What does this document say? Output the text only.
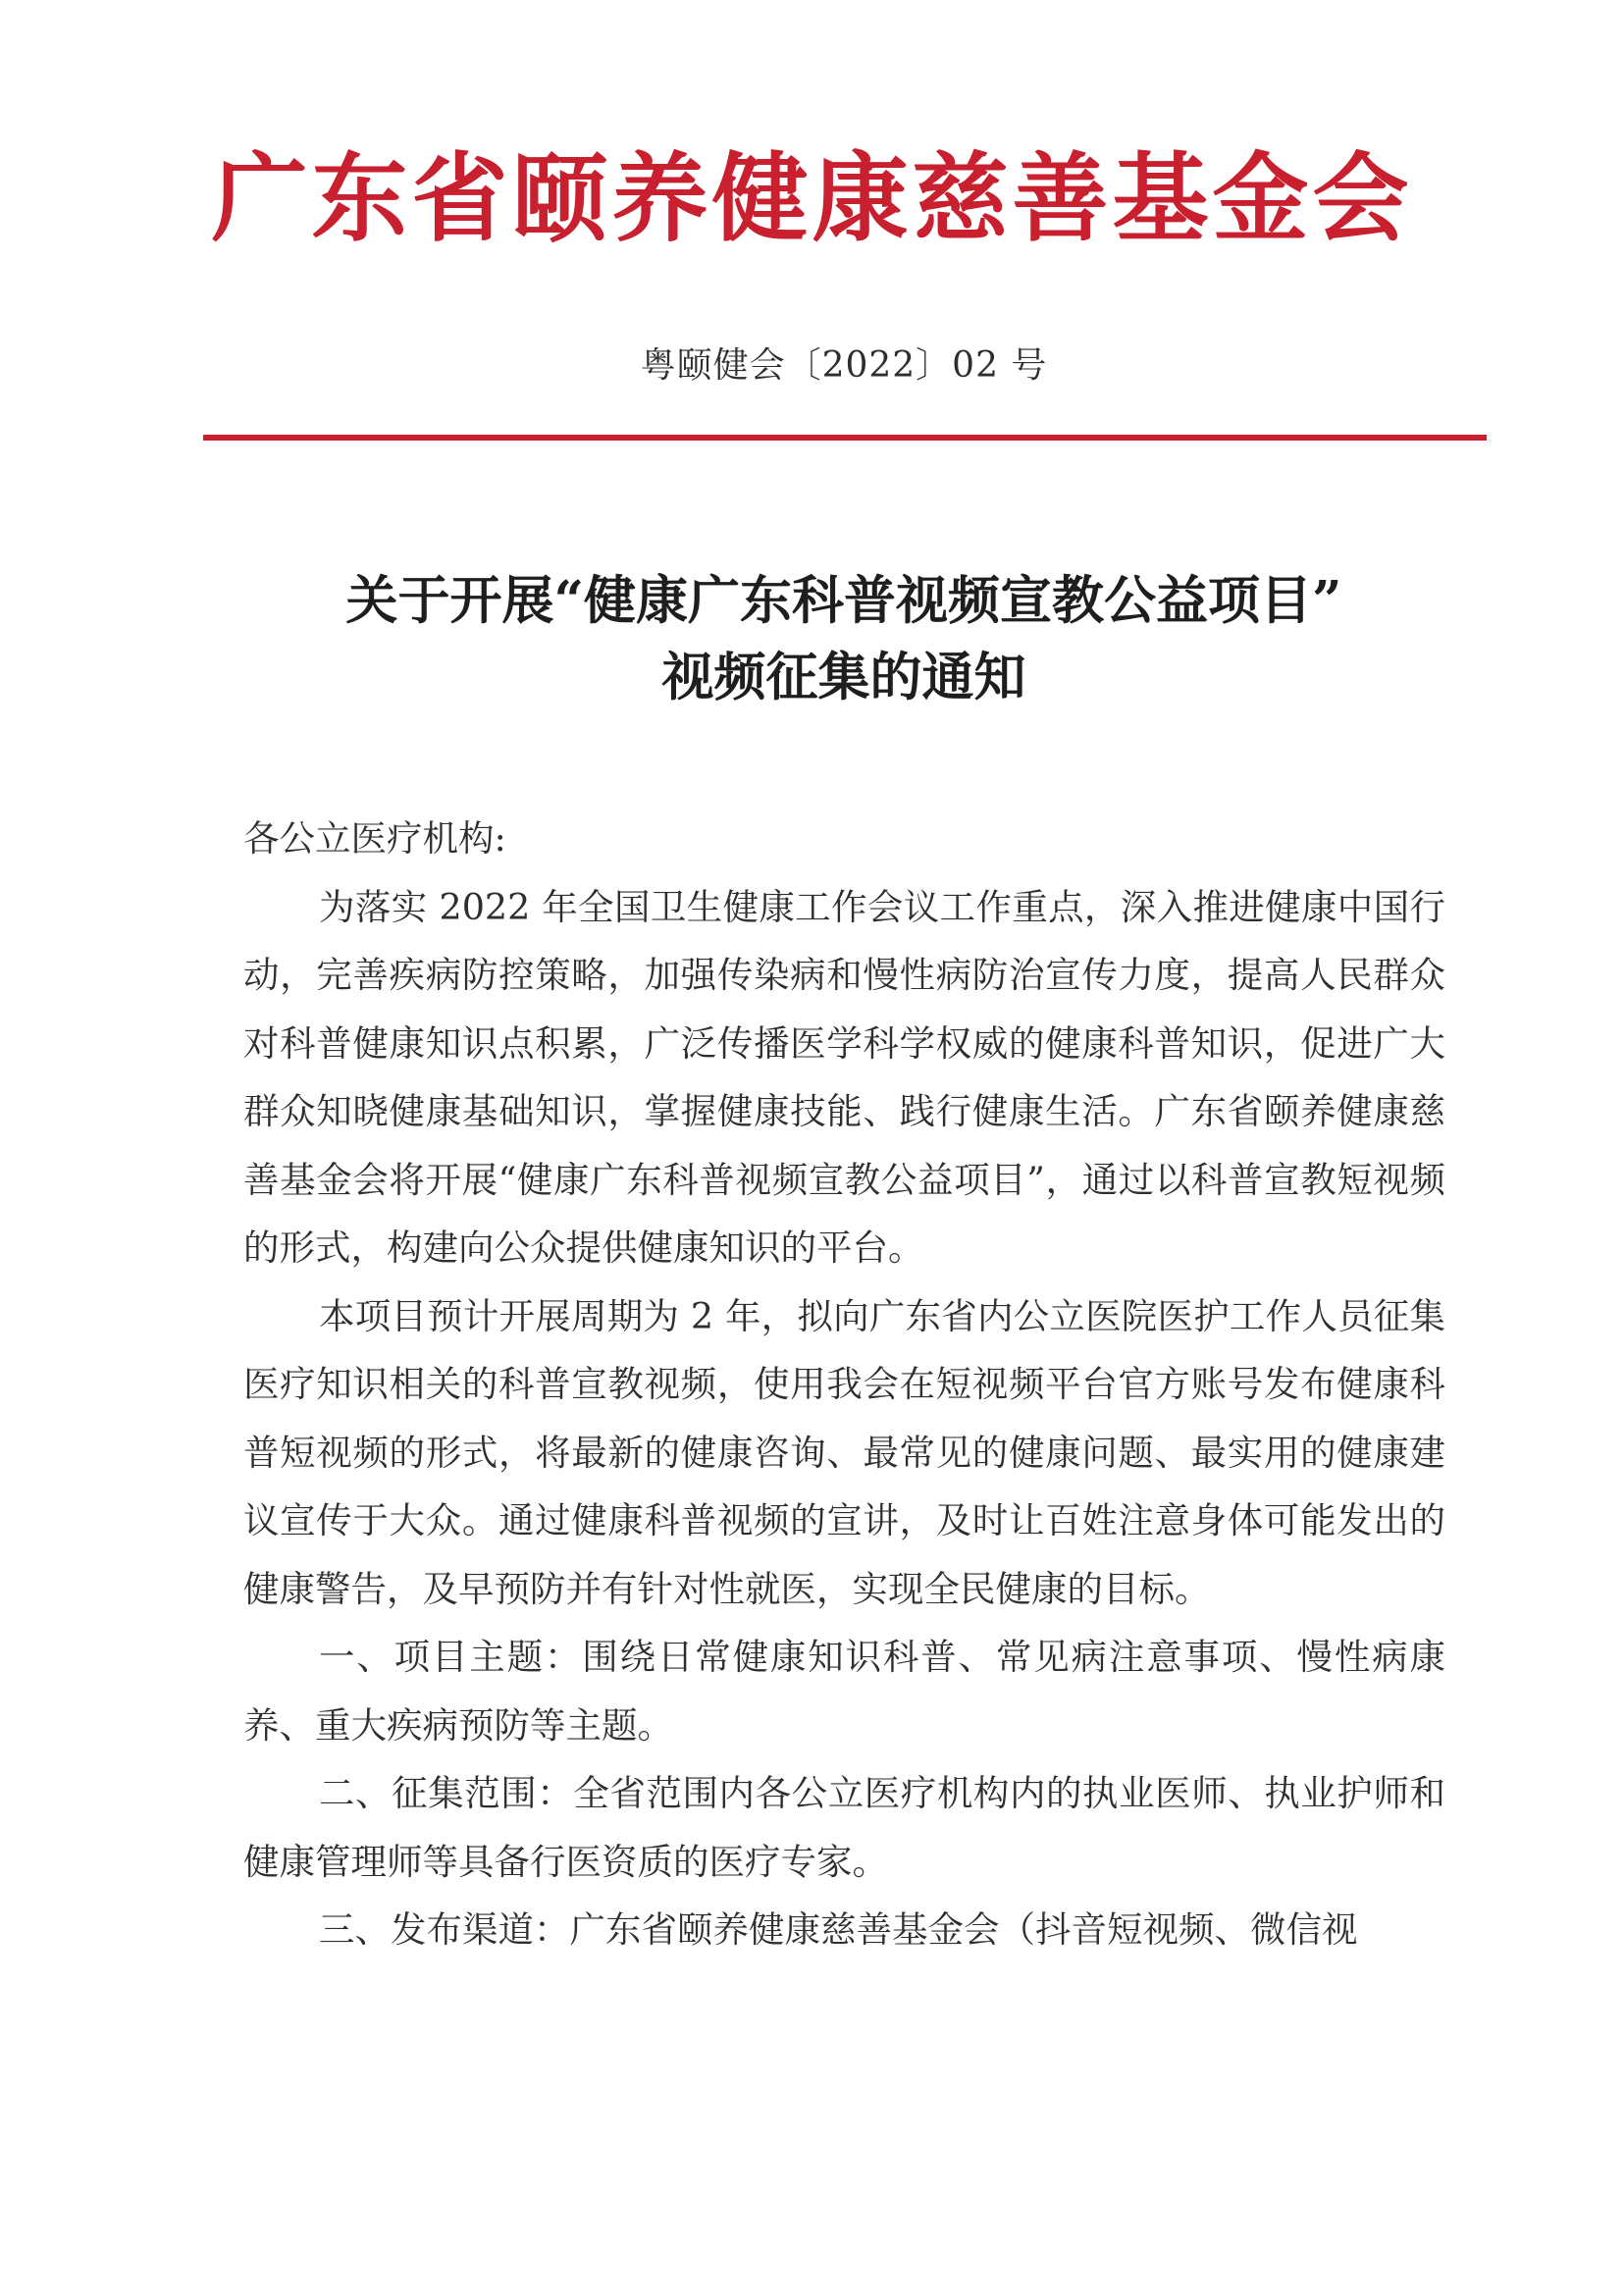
广东省颐养健康慈善基金会
粤颐健会〔2022〕02 号
关于开展“健康广东科普视频宣教公益项目”
视频征集的通知

各公立医疗机构:

为落实 2022 年全国卫生健康工作会议工作重点，深入推进健康中国行动，完善疾病防控策略，加强传染病和慢性病防治宣传力度，提高人民群众对科普健康知识点积累，广泛传播医学科学权威的健康科普知识，促进广大群众知晓健康基础知识，掌握健康技能、践行健康生活。广东省颐养健康慈善基金会将开展“健康广东科普视频宣教公益项目”，通过以科普宣教短视频的形式，构建向公众提供健康知识的平台。

本项目预计开展周期为 2 年，拟向广东省内公立医院医护工作人员征集医疗知识相关的科普宣教视频，使用我会在短视频平台官方账号发布健康科普短视频的形式，将最新的健康咨询、最常见的健康问题、最实用的健康建议宣传于大众。通过健康科普视频的宣讲，及时让百姓注意身体可能发出的健康警告，及早预防并有针对性就医，实现全民健康的目标。

一、项目主题：围绕日常健康知识科普、常见病注意事项、慢性病康养、重大疾病预防等主题。

二、征集范围：全省范围内各公立医疗机构内的执业医师、执业护师和健康管理师等具备行医资质的医疗专家。

三、发布渠道：广东省颐养健康慈善基金会（抖音短视频、微信视
